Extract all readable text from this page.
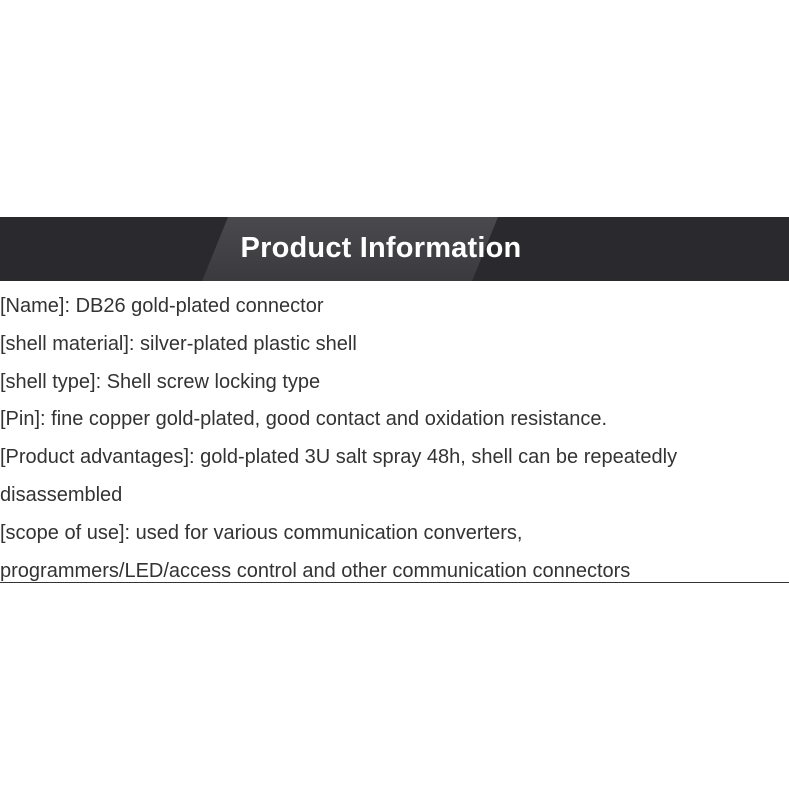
Product Information

[Name]: DB26 gold-plated connector

[shell material]: silver-plated plastic shell

[shell type]: Shell screw locking type

[Pin]: fine copper gold-plated, good contact and oxidation resistance.

[Product advantages]: gold-plated 3U salt spray 48h, shell can be repeatedly

disassembled

[scope of use]: used for various communication converters,

programmers/LED/access control and other communication connectors
